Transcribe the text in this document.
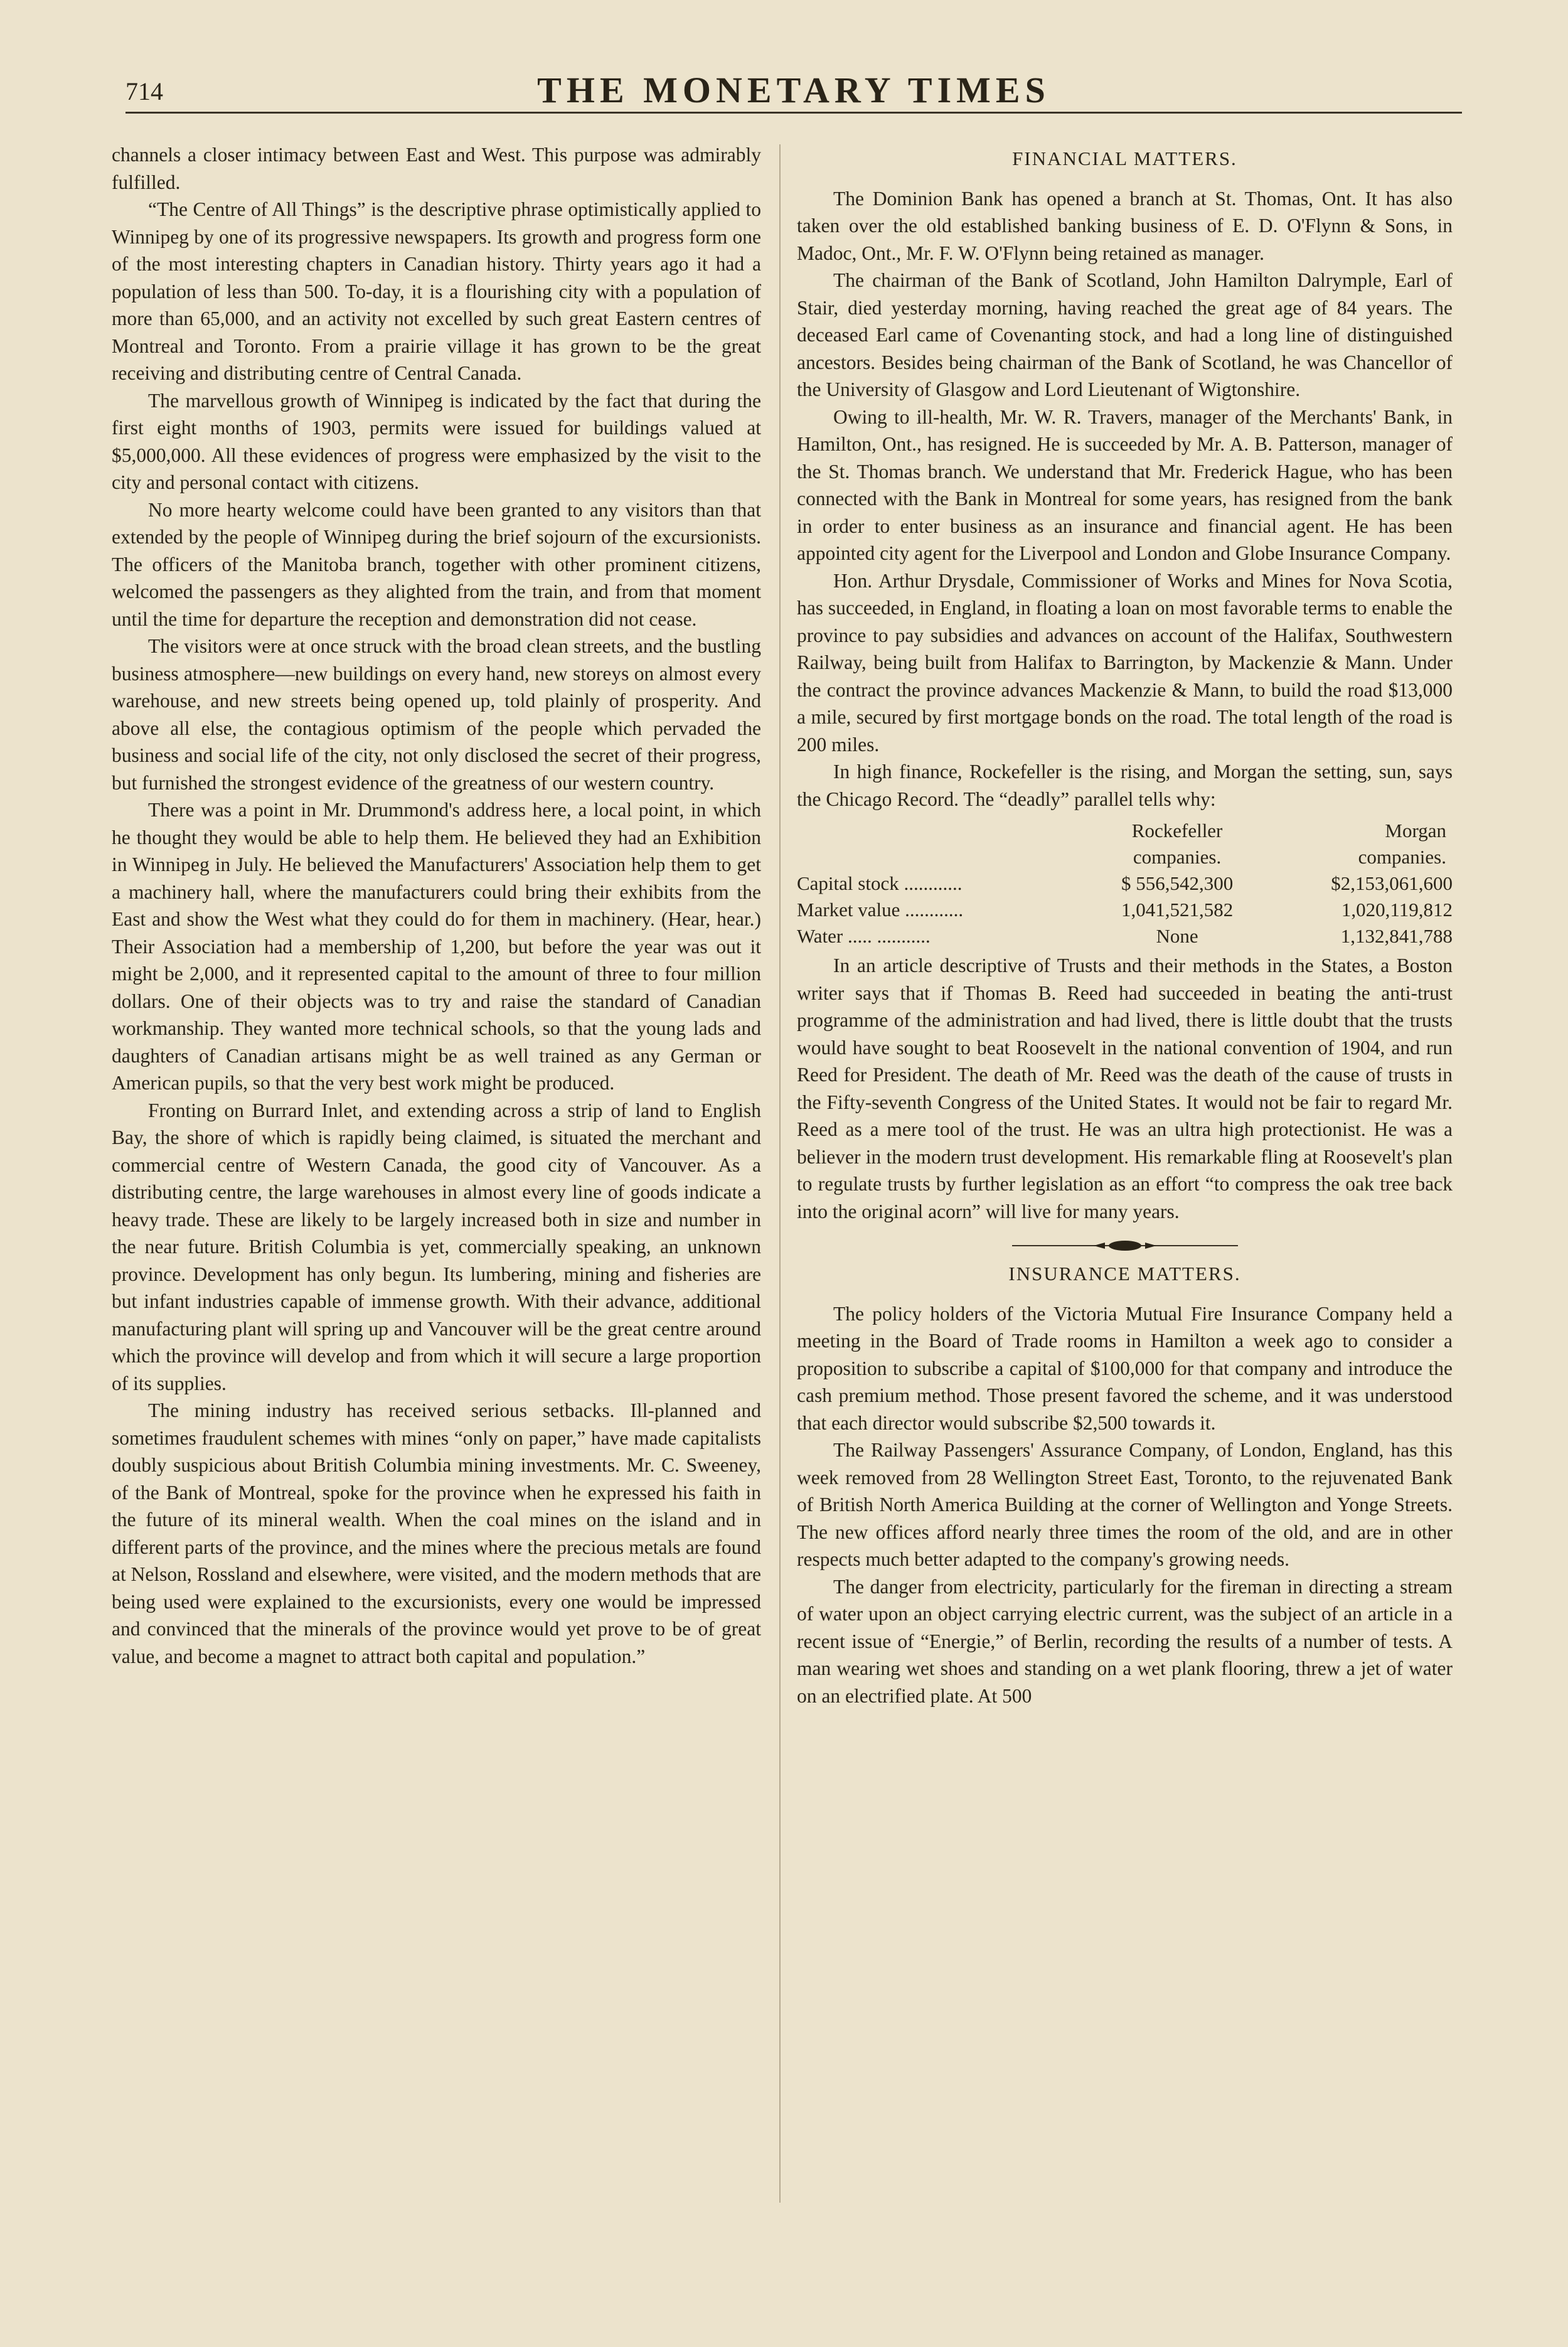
714	THE MONETARY TIMES

channels a closer intimacy between East and West. This purpose was admirably fulfilled.

“The Centre of All Things” is the descriptive phrase optimistically applied to Winnipeg by one of its progressive newspapers. Its growth and progress form one of the most interesting chapters in Canadian history. Thirty years ago it had a population of less than 500. To-day, it is a flourishing city with a population of more than 65,000, and an activity not excelled by such great Eastern centres of Montreal and Toronto. From a prairie village it has grown to be the great receiving and distributing centre of Central Canada.

The marvellous growth of Winnipeg is indicated by the fact that during the first eight months of 1903, permits were issued for buildings valued at $5,000,000. All these evidences of progress were emphasized by the visit to the city and personal contact with citizens.

No more hearty welcome could have been granted to any visitors than that extended by the people of Winnipeg during the brief sojourn of the excursionists. The officers of the Manitoba branch, together with other prominent citizens, welcomed the passengers as they alighted from the train, and from that moment until the time for departure the reception and demonstration did not cease.

The visitors were at once struck with the broad clean streets, and the bustling business atmosphere—new buildings on every hand, new storeys on almost every warehouse, and new streets being opened up, told plainly of prosperity. And above all else, the contagious optimism of the people which pervaded the business and social life of the city, not only disclosed the secret of their progress, but furnished the strongest evidence of the greatness of our western country.

There was a point in Mr. Drummond's address here, a local point, in which he thought they would be able to help them. He believed they had an Exhibition in Winnipeg in July. He believed the Manufacturers' Association help them to get a machinery hall, where the manufacturers could bring their exhibits from the East and show the West what they could do for them in machinery. (Hear, hear.) Their Association had a membership of 1,200, but before the year was out it might be 2,000, and it represented capital to the amount of three to four million dollars. One of their objects was to try and raise the standard of Canadian workmanship. They wanted more technical schools, so that the young lads and daughters of Canadian artisans might be as well trained as any German or American pupils, so that the very best work might be produced.

Fronting on Burrard Inlet, and extending across a strip of land to English Bay, the shore of which is rapidly being claimed, is situated the merchant and commercial centre of Western Canada, the good city of Vancouver. As a distributing centre, the large warehouses in almost every line of goods indicate a heavy trade. These are likely to be largely increased both in size and number in the near future. British Columbia is yet, commercially speaking, an unknown province. Development has only begun. Its lumbering, mining and fisheries are but infant industries capable of immense growth. With their advance, additional manufacturing plant will spring up and Vancouver will be the great centre around which the province will develop and from which it will secure a large proportion of its supplies.

The mining industry has received serious setbacks. Ill-planned and sometimes fraudulent schemes with mines “only on paper,” have made capitalists doubly suspicious about British Columbia mining investments. Mr. C. Sweeney, of the Bank of Montreal, spoke for the province when he expressed his faith in the future of its mineral wealth. When the coal mines on the island and in different parts of the province, and the mines where the precious metals are found at Nelson, Rossland and elsewhere, were visited, and the modern methods that are being used were explained to the excursionists, every one would be impressed and convinced that the minerals of the province would yet prove to be of great value, and become a magnet to attract both capital and population.”

FINANCIAL MATTERS.

The Dominion Bank has opened a branch at St. Thomas, Ont. It has also taken over the old established banking business of E. D. O'Flynn & Sons, in Madoc, Ont., Mr. F. W. O'Flynn being retained as manager.

The chairman of the Bank of Scotland, John Hamilton Dalrymple, Earl of Stair, died yesterday morning, having reached the great age of 84 years. The deceased Earl came of Covenanting stock, and had a long line of distinguished ancestors. Besides being chairman of the Bank of Scotland, he was Chancellor of the University of Glasgow and Lord Lieutenant of Wigtonshire.

Owing to ill-health, Mr. W. R. Travers, manager of the Merchants' Bank, in Hamilton, Ont., has resigned. He is succeeded by Mr. A. B. Patterson, manager of the St. Thomas branch. We understand that Mr. Frederick Hague, who has been connected with the Bank in Montreal for some years, has resigned from the bank in order to enter business as an insurance and financial agent. He has been appointed city agent for the Liverpool and London and Globe Insurance Company.

Hon. Arthur Drysdale, Commissioner of Works and Mines for Nova Scotia, has succeeded, in England, in floating a loan on most favorable terms to enable the province to pay subsidies and advances on account of the Halifax, Southwestern Railway, being built from Halifax to Barrington, by Mackenzie & Mann. Under the contract the province advances Mackenzie & Mann, to build the road $13,000 a mile, secured by first mortgage bonds on the road. The total length of the road is 200 miles.

In high finance, Rockefeller is the rising, and Morgan the setting, sun, says the Chicago Record. The “deadly” parallel tells why:

	Rockefeller	Morgan
	companies.	companies.
Capital stock ............	$ 556,542,300	$2,153,061,600
Market value ............	1,041,521,582	1,020,119,812
Water ..... ...........	None	1,132,841,788

In an article descriptive of Trusts and their methods in the States, a Boston writer says that if Thomas B. Reed had succeeded in beating the anti-trust programme of the administration and had lived, there is little doubt that the trusts would have sought to beat Roosevelt in the national convention of 1904, and run Reed for President. The death of Mr. Reed was the death of the cause of trusts in the Fifty-seventh Congress of the United States. It would not be fair to regard Mr. Reed as a mere tool of the trust. He was an ultra high protectionist. He was a believer in the modern trust development. His remarkable fling at Roosevelt's plan to regulate trusts by further legislation as an effort “to compress the oak tree back into the original acorn” will live for many years.

INSURANCE MATTERS.

The policy holders of the Victoria Mutual Fire Insurance Company held a meeting in the Board of Trade rooms in Hamilton a week ago to consider a proposition to subscribe a capital of $100,000 for that company and introduce the cash premium method. Those present favored the scheme, and it was understood that each director would subscribe $2,500 towards it.

The Railway Passengers' Assurance Company, of London, England, has this week removed from 28 Wellington Street East, Toronto, to the rejuvenated Bank of British North America Building at the corner of Wellington and Yonge Streets. The new offices afford nearly three times the room of the old, and are in other respects much better adapted to the company's growing needs.

The danger from electricity, particularly for the fireman in directing a stream of water upon an object carrying electric current, was the subject of an article in a recent issue of “Energie,” of Berlin, recording the results of a number of tests. A man wearing wet shoes and standing on a wet plank flooring, threw a jet of water on an electrified plate. At 500
